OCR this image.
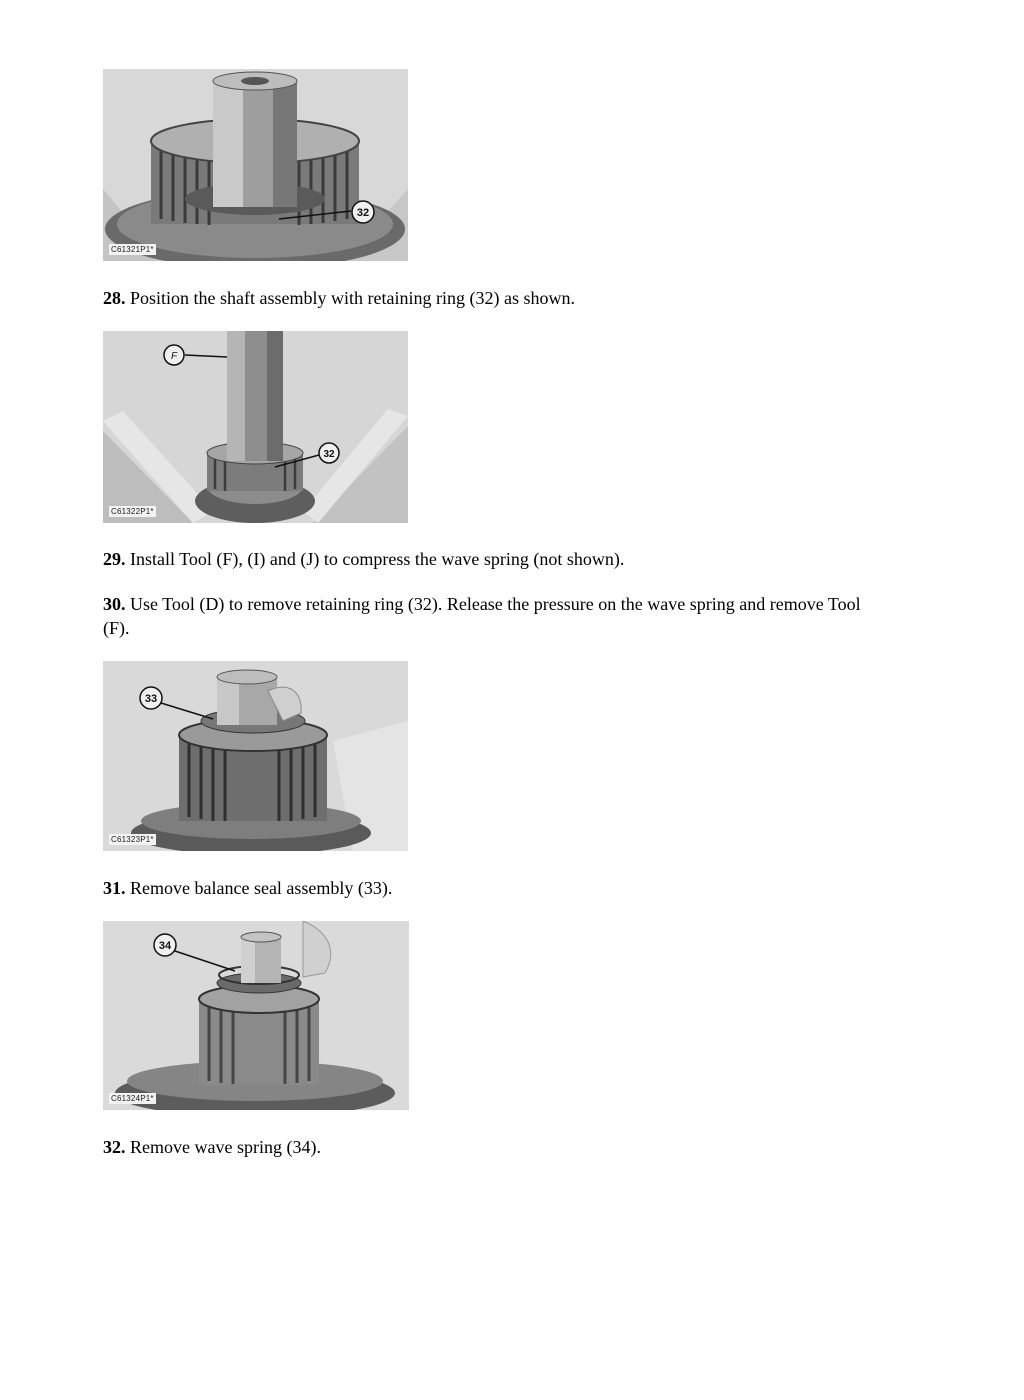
32
C61321P1*

28. Position the shaft assembly with retaining ring (32) as shown.

F
32
C61322P1*

29. Install Tool (F), (I) and (J) to compress the wave spring (not shown).

30. Use Tool (D) to remove retaining ring (32). Release the pressure on the wave spring and remove Tool (F).

33
C61323P1*

31. Remove balance seal assembly (33).

34
C61324P1*

32. Remove wave spring (34).
